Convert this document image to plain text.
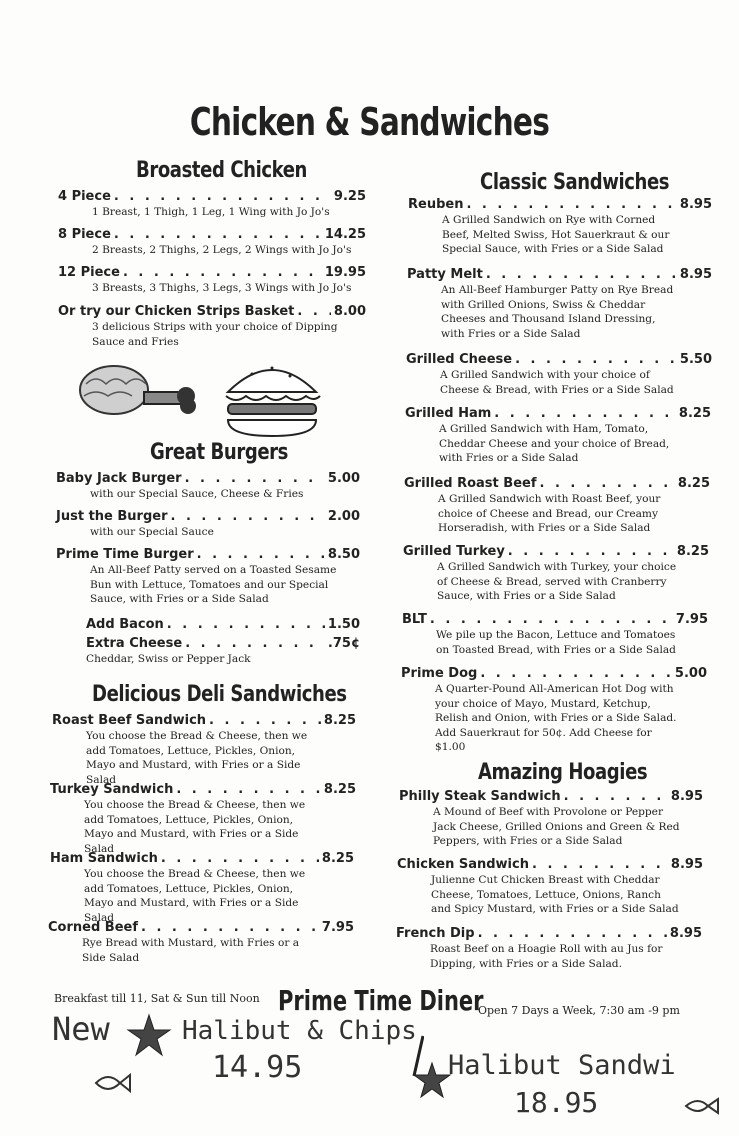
Chicken & Sandwiches
Broasted Chicken
4 Piece . . .	9.25
1 Breast, 1 Thigh, 1 Leg, 1 Wing with Jo Jo's
8 Piece . . .	14.25
2 Breasts, 2 Thighs, 2 Legs, 2 Wings with Jo Jo's
12 Piece . . .	19.95
3 Breasts, 3 Thighs, 3 Legs, 3 Wings with Jo Jo's
Or try our Chicken Strips Basket . . .	8.00
3 delicious Strips with your choice of Dipping Sauce and Fries
Great Burgers
Baby Jack Burger . . .	5.00
with our Special Sauce, Cheese & Fries
Just the Burger . . .	2.00
with our Special Sauce
Prime Time Burger . . .	8.50
An All-Beef Patty served on a Toasted Sesame Bun with Lettuce, Tomatoes and our Special Sauce, with Fries or a Side Salad
Add Bacon . . .	1.50
Extra Cheese . . .	.75¢
Cheddar, Swiss or Pepper Jack
Delicious Deli Sandwiches
Roast Beef Sandwich . . .	8.25
You choose the Bread & Cheese, then we add Tomatoes, Lettuce, Pickles, Onion, Mayo and Mustard, with Fries or a Side Salad
Turkey Sandwich . . .	8.25
You choose the Bread & Cheese, then we add Tomatoes, Lettuce, Pickles, Onion, Mayo and Mustard, with Fries or a Side Salad
Ham Sandwich . . .	8.25
You choose the Bread & Cheese, then we add Tomatoes, Lettuce, Pickles, Onion, Mayo and Mustard, with Fries or a Side Salad
Corned Beef . . .	7.95
Rye Bread with Mustard, with Fries or a Side Salad
Classic Sandwiches
Reuben . . .	8.95
A Grilled Sandwich on Rye with Corned Beef, Melted Swiss, Hot Sauerkraut & our Special Sauce, with Fries or a Side Salad
Patty Melt . . .	8.95
An All-Beef Hamburger Patty on Rye Bread with Grilled Onions, Swiss & Cheddar Cheeses and Thousand Island Dressing, with Fries or a Side Salad
Grilled Cheese . . .	5.50
A Grilled Sandwich with your choice of Cheese & Bread, with Fries or a Side Salad
Grilled Ham . . .	8.25
A Grilled Sandwich with Ham, Tomato, Cheddar Cheese and your choice of Bread, with Fries or a Side Salad
Grilled Roast Beef . . .	8.25
A Grilled Sandwich with Roast Beef, your choice of Cheese and Bread, our Creamy Horseradish, with Fries or a Side Salad
Grilled Turkey . . .	8.25
A Grilled Sandwich with Turkey, your choice of Cheese & Bread, served with Cranberry Sauce, with Fries or a Side Salad
BLT . . .	7.95
We pile up the Bacon, Lettuce and Tomatoes on Toasted Bread, with Fries or a Side Salad
Prime Dog . . .	5.00
A Quarter-Pound All-American Hot Dog with your choice of Mayo, Mustard, Ketchup, Relish and Onion, with Fries or a Side Salad. Add Sauerkraut for 50¢. Add Cheese for $1.00
Amazing Hoagies
Philly Steak Sandwich . . .	8.95
A Mound of Beef with Provolone or Pepper Jack Cheese, Grilled Onions and Green & Red Peppers, with Fries or a Side Salad
Chicken Sandwich . . .	8.95
Julienne Cut Chicken Breast with Cheddar Cheese, Tomatoes, Lettuce, Onions, Ranch and Spicy Mustard, with Fries or a Side Salad
French Dip . . .	8.95
Roast Beef on a Hoagie Roll with au Jus for Dipping, with Fries or a Side Salad.
Breakfast till 11, Sat & Sun till Noon Prime Time Diner
Open 7 Days a Week, 7:30 am -9 pm
New	Halibut & Chips
14.95	Halibut Sandwi
18.95
